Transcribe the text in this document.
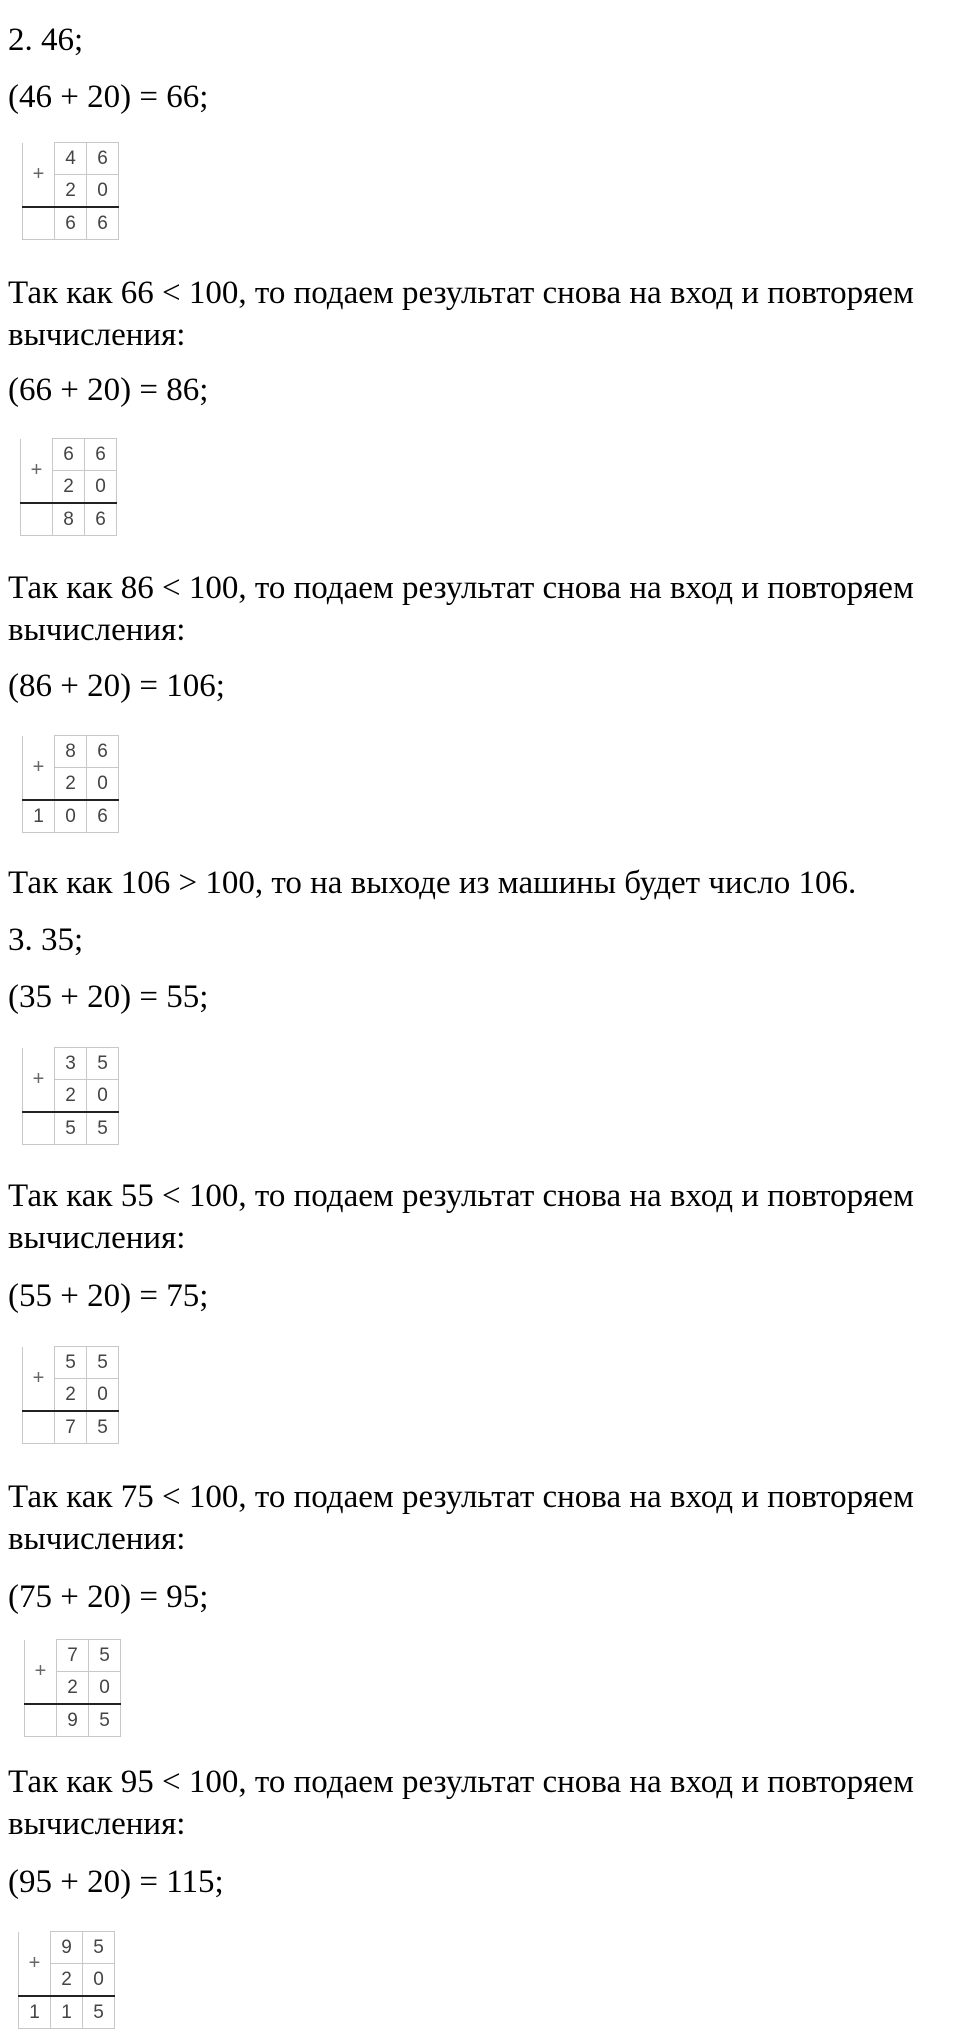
2. 46;
(46 + 20) = 66;
+	4	6
	2	0
	6	6
Так как 66 < 100, то подаем результат снова на вход и повторяем
вычисления:
(66 + 20) = 86;
+	6	6
	2	0
	8	6
Так как 86 < 100, то подаем результат снова на вход и повторяем
вычисления:
(86 + 20) = 106;
+	8	6
	2	0
1	0	6
Так как 106 > 100, то на выходе из машины будет число 106.
3. 35;
(35 + 20) = 55;
+	3	5
	2	0
	5	5
Так как 55 < 100, то подаем результат снова на вход и повторяем
вычисления:
(55 + 20) = 75;
+	5	5
	2	0
	7	5
Так как 75 < 100, то подаем результат снова на вход и повторяем
вычисления:
(75 + 20) = 95;
+	7	5
	2	0
	9	5
Так как 95 < 100, то подаем результат снова на вход и повторяем
вычисления:
(95 + 20) = 115;
+	9	5
	2	0
1	1	5
